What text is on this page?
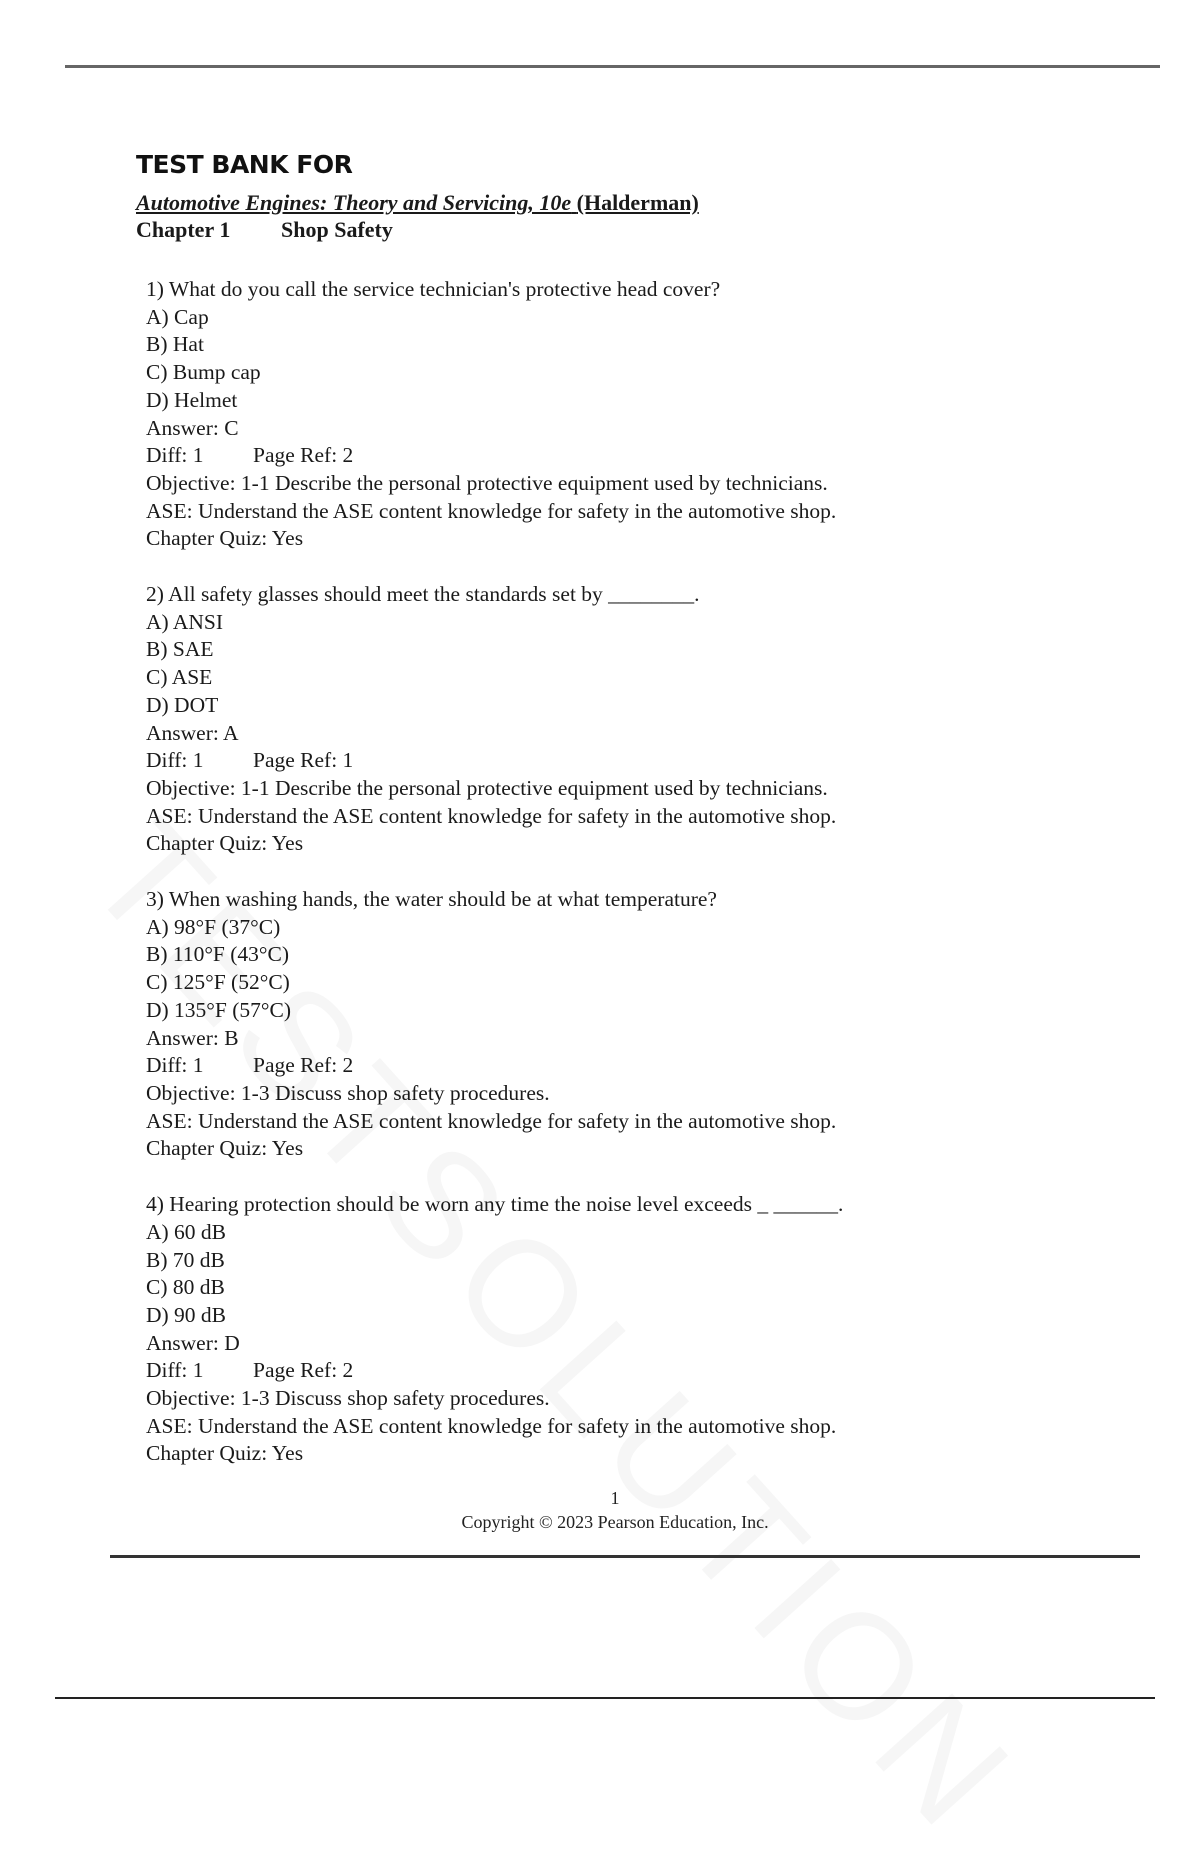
TEST BANK FOR
Automotive Engines: Theory and Servicing, 10e (Halderman)
Chapter 1 Shop Safety
1) What do you call the service technician's protective head cover?
A) Cap
B) Hat
C) Bump cap
D) Helmet
Answer: C
Diff: 1 Page Ref: 2
Objective: 1-1 Describe the personal protective equipment used by technicians.
ASE: Understand the ASE content knowledge for safety in the automotive shop.
Chapter Quiz: Yes
2) All safety glasses should meet the standards set by ________.
A) ANSI
B) SAE
C) ASE
D) DOT
Answer: A
Diff: 1 Page Ref: 1
Objective: 1-1 Describe the personal protective equipment used by technicians.
ASE: Understand the ASE content knowledge for safety in the automotive shop.
Chapter Quiz: Yes
3) When washing hands, the water should be at what temperature?
A) 98°F (37°C)
B) 110°F (43°C)
C) 125°F (52°C)
D) 135°F (57°C)
Answer: B
Diff: 1 Page Ref: 2
Objective: 1-3 Discuss shop safety procedures.
ASE: Understand the ASE content knowledge for safety in the automotive shop.
Chapter Quiz: Yes
4) Hearing protection should be worn any time the noise level exceeds _ ______.
A) 60 dB
B) 70 dB
C) 80 dB
D) 90 dB
Answer: D
Diff: 1 Page Ref: 2
Objective: 1-3 Discuss shop safety procedures.
ASE: Understand the ASE content knowledge for safety in the automotive shop.
Chapter Quiz: Yes
1
Copyright © 2023 Pearson Education, Inc.
